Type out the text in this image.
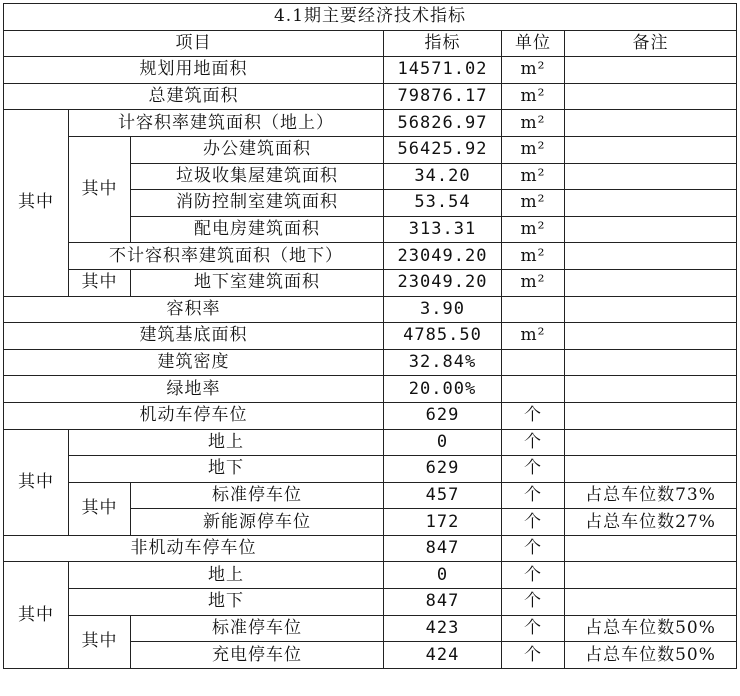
4.1期主要经济技术指标					
项目			指标	单位	备注
规划用地面积			14571.02	m²	
总建筑面积			79876.17	m²	
其中	计容积率建筑面积（地上）		56826.97	m²	
	其中	办公建筑面积	56425.92	m²	
		垃圾收集屋建筑面积	34.20	m²	
		消防控制室建筑面积	53.54	m²	
		配电房建筑面积	313.31	m²	
	不计容积率建筑面积（地下）		23049.20	m²	
	其中	地下室建筑面积	23049.20	m²	
容积率			3.90		
建筑基底面积			4785.50	m²	
建筑密度			32.84%		
绿地率			20.00%		
机动车停车位			629	个	
其中	地上		0	个	
	地下		629	个	
	其中	标准停车位	457	个	占总车位数73%
		新能源停车位	172	个	占总车位数27%
非机动车停车位			847	个	
其中	地上		0	个	
	地下		847	个	
	其中	标准停车位	423	个	占总车位数50%
		充电停车位	424	个	占总车位数50%
